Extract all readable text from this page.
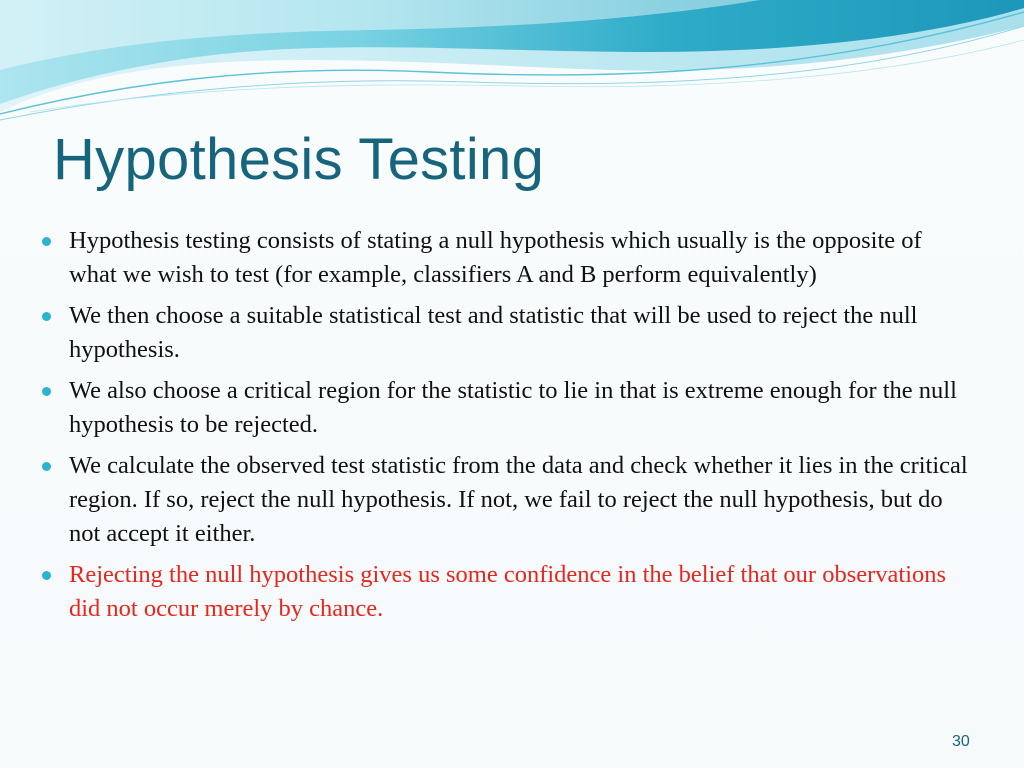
Hypothesis Testing
Hypothesis testing consists of stating a null hypothesis which usually is the opposite of what we wish to test (for example, classifiers A and B perform equivalently)
We then choose a suitable statistical test and statistic that will be used to reject the null hypothesis.
We also choose a critical region for the statistic to lie in that is extreme enough for the null hypothesis to be rejected.
We calculate the observed test statistic from the data and check whether it lies in the critical region. If so, reject the null hypothesis. If not, we fail to reject the null hypothesis, but do not accept it either.
Rejecting the null hypothesis gives us some confidence in the belief that our observations did not occur merely by chance.
30
